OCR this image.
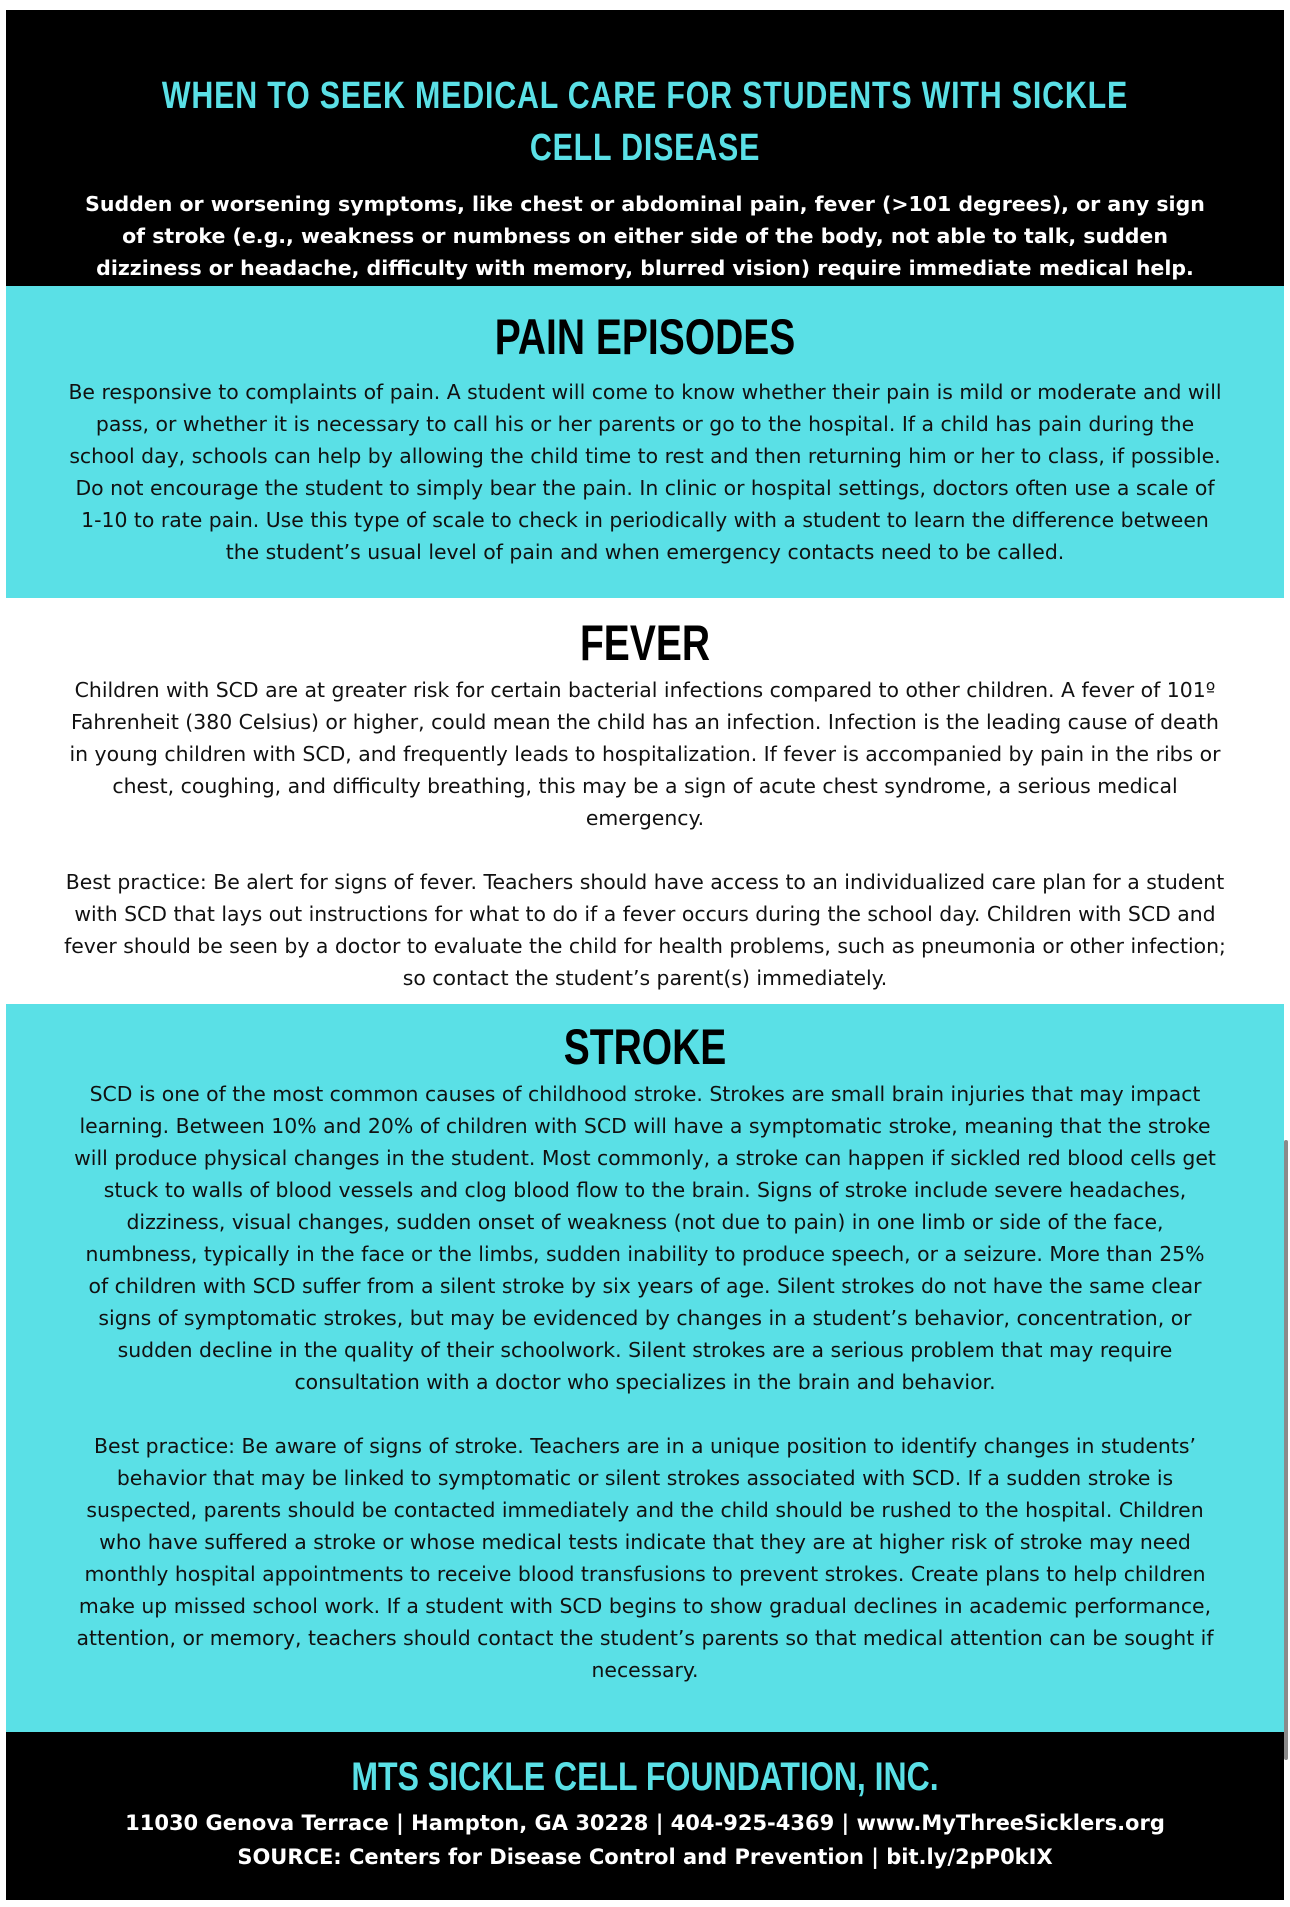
WHEN TO SEEK MEDICAL CARE FOR STUDENTS WITH SICKLE CELL DISEASE

Sudden or worsening symptoms, like chest or abdominal pain, fever (>101 degrees), or any sign of stroke (e.g., weakness or numbness on either side of the body, not able to talk, sudden dizziness or headache, difficulty with memory, blurred vision) require immediate medical help.

PAIN EPISODES

Be responsive to complaints of pain. A student will come to know whether their pain is mild or moderate and will pass, or whether it is necessary to call his or her parents or go to the hospital. If a child has pain during the school day, schools can help by allowing the child time to rest and then returning him or her to class, if possible. Do not encourage the student to simply bear the pain. In clinic or hospital settings, doctors often use a scale of 1-10 to rate pain. Use this type of scale to check in periodically with a student to learn the difference between the student’s usual level of pain and when emergency contacts need to be called.

FEVER

Children with SCD are at greater risk for certain bacterial infections compared to other children. A fever of 101º Fahrenheit (380 Celsius) or higher, could mean the child has an infection. Infection is the leading cause of death in young children with SCD, and frequently leads to hospitalization. If fever is accompanied by pain in the ribs or chest, coughing, and difficulty breathing, this may be a sign of acute chest syndrome, a serious medical emergency.

Best practice: Be alert for signs of fever. Teachers should have access to an individualized care plan for a student with SCD that lays out instructions for what to do if a fever occurs during the school day. Children with SCD and fever should be seen by a doctor to evaluate the child for health problems, such as pneumonia or other infection; so contact the student’s parent(s) immediately.

STROKE

SCD is one of the most common causes of childhood stroke. Strokes are small brain injuries that may impact learning. Between 10% and 20% of children with SCD will have a symptomatic stroke, meaning that the stroke will produce physical changes in the student. Most commonly, a stroke can happen if sickled red blood cells get stuck to walls of blood vessels and clog blood flow to the brain. Signs of stroke include severe headaches, dizziness, visual changes, sudden onset of weakness (not due to pain) in one limb or side of the face, numbness, typically in the face or the limbs, sudden inability to produce speech, or a seizure. More than 25% of children with SCD suffer from a silent stroke by six years of age. Silent strokes do not have the same clear signs of symptomatic strokes, but may be evidenced by changes in a student’s behavior, concentration, or sudden decline in the quality of their schoolwork. Silent strokes are a serious problem that may require consultation with a doctor who specializes in the brain and behavior.

Best practice: Be aware of signs of stroke. Teachers are in a unique position to identify changes in students’ behavior that may be linked to symptomatic or silent strokes associated with SCD. If a sudden stroke is suspected, parents should be contacted immediately and the child should be rushed to the hospital. Children who have suffered a stroke or whose medical tests indicate that they are at higher risk of stroke may need monthly hospital appointments to receive blood transfusions to prevent strokes. Create plans to help children make up missed school work. If a student with SCD begins to show gradual declines in academic performance, attention, or memory, teachers should contact the student’s parents so that medical attention can be sought if necessary.

MTS SICKLE CELL FOUNDATION, INC.
11030 Genova Terrace | Hampton, GA 30228 | 404-925-4369 | www.MyThreeSicklers.org
SOURCE: Centers for Disease Control and Prevention | bit.ly/2pP0kIX
